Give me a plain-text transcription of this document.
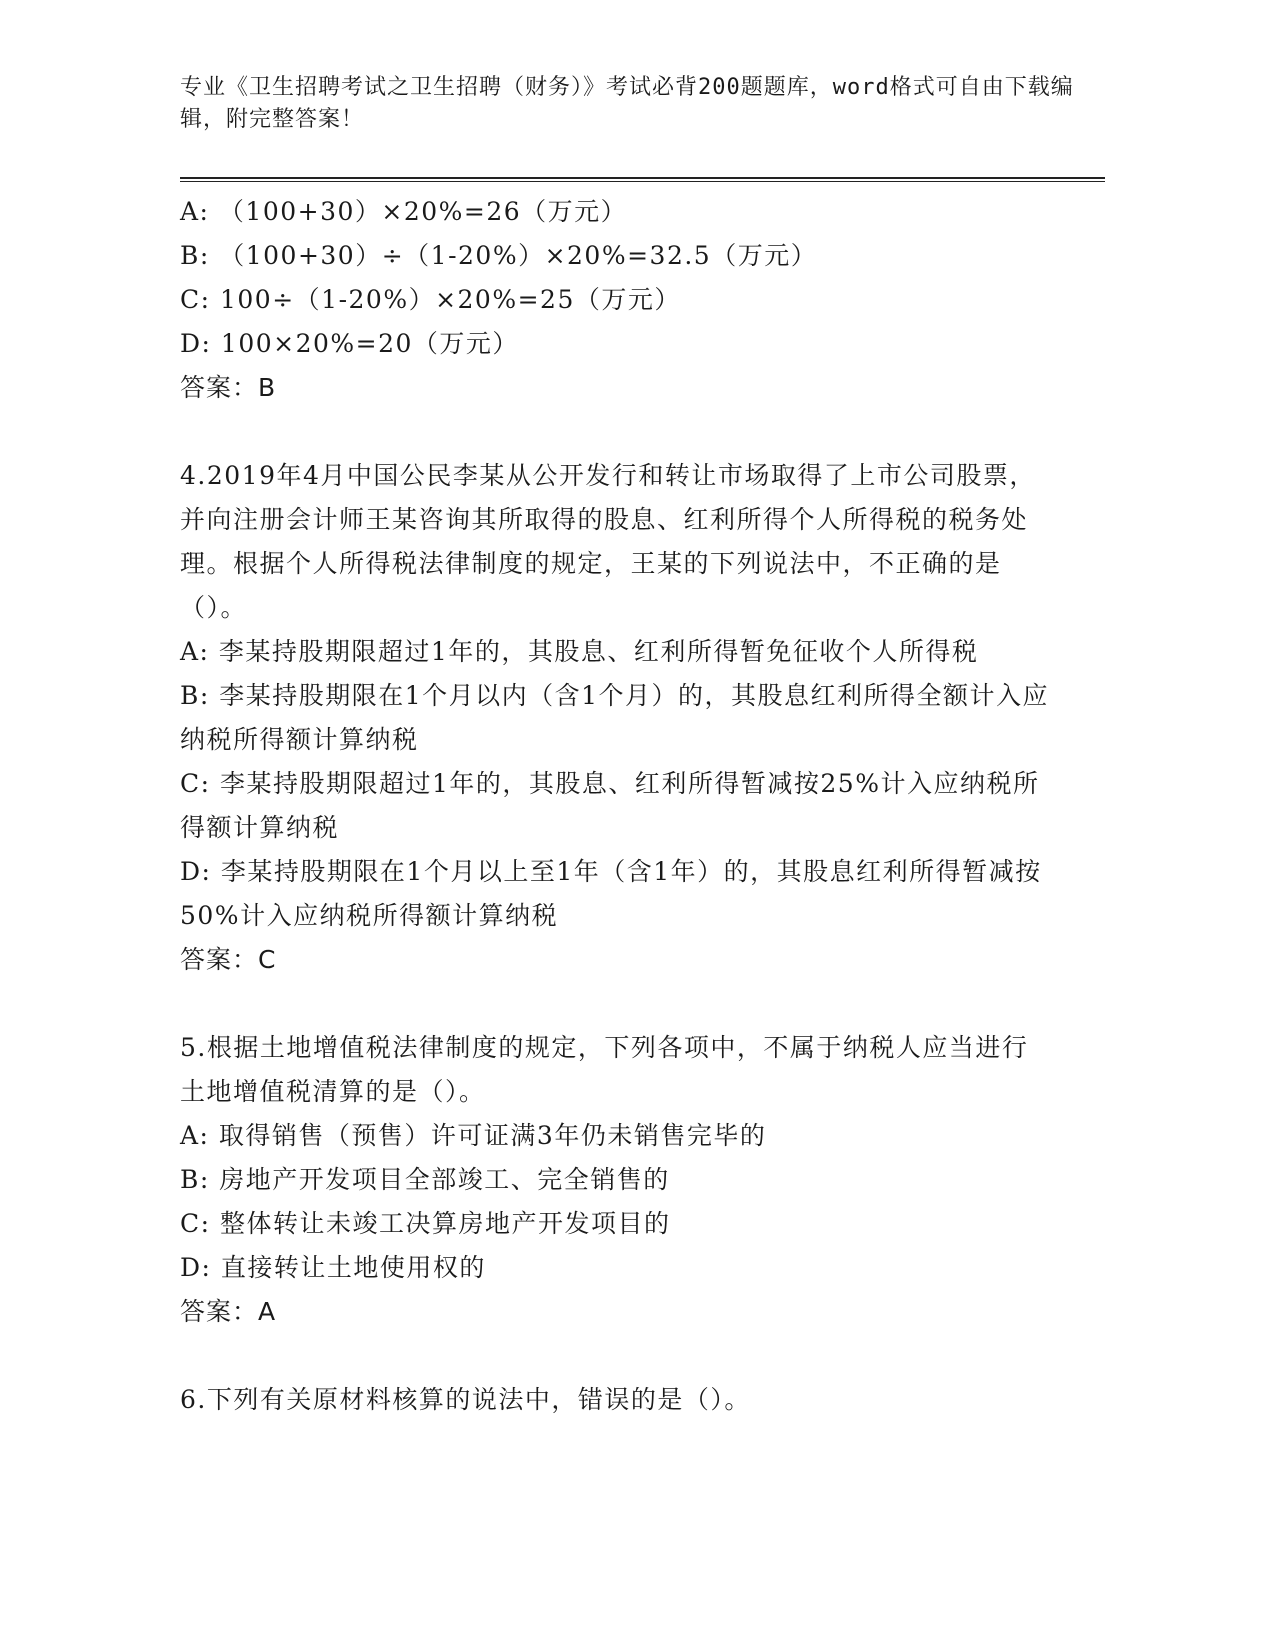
专业《卫生招聘考试之卫生招聘（财务）》考试必背200题题库，word格式可自由下载编辑，附完整答案！

A: （100+30）×20%=26（万元）

B: （100+30）÷（1-20%）×20%=32.5（万元）

C: 100÷（1-20%）×20%=25（万元）

D: 100×20%=20（万元）

答案：B

4.2019年4月中国公民李某从公开发行和转让市场取得了上市公司股票，并向注册会计师王某咨询其所取得的股息、红利所得个人所得税的税务处理。根据个人所得税法律制度的规定，王某的下列说法中，不正确的是（）。

A: 李某持股期限超过1年的，其股息、红利所得暂免征收个人所得税

B: 李某持股期限在1个月以内（含1个月）的，其股息红利所得全额计入应纳税所得额计算纳税

C: 李某持股期限超过1年的，其股息、红利所得暂减按25%计入应纳税所得额计算纳税

D: 李某持股期限在1个月以上至1年（含1年）的，其股息红利所得暂减按50%计入应纳税所得额计算纳税

答案：C

5.根据土地增值税法律制度的规定，下列各项中，不属于纳税人应当进行土地增值税清算的是（）。

A: 取得销售（预售）许可证满3年仍未销售完毕的

B: 房地产开发项目全部竣工、完全销售的

C: 整体转让未竣工决算房地产开发项目的

D: 直接转让土地使用权的

答案：A

6.下列有关原材料核算的说法中，错误的是（）。
